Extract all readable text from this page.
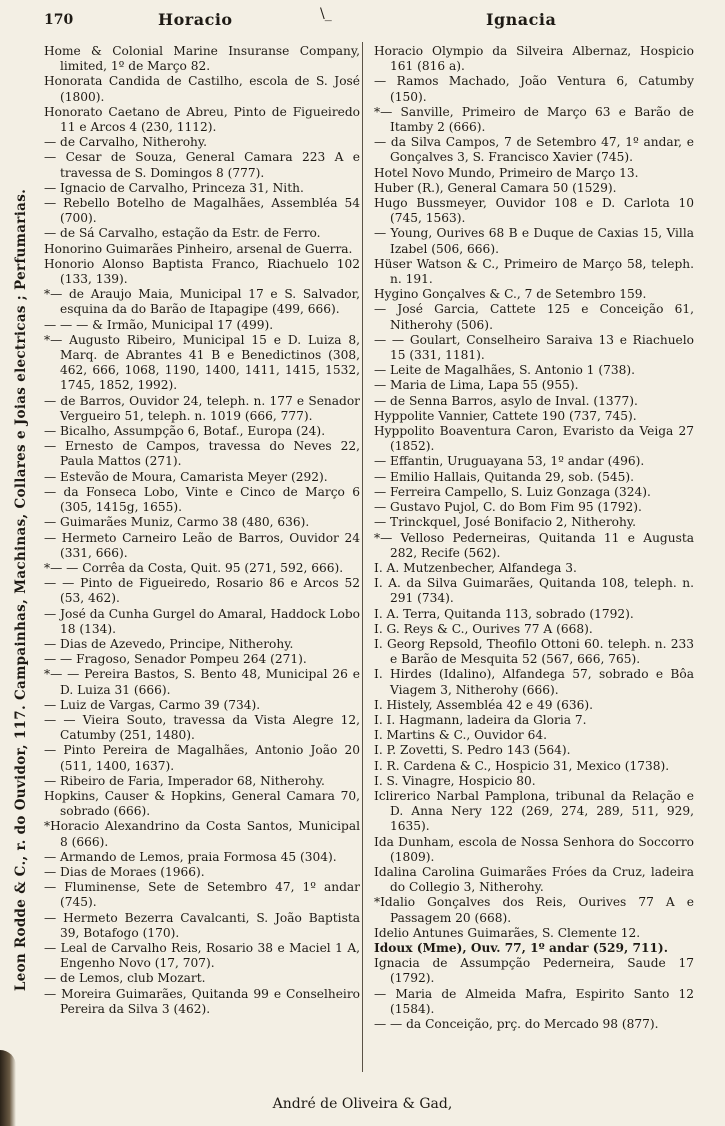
170	Horacio	\_	Ignacia
Leon Rodde & C., r. do Ouvidor, 117. Campainhas, Machinas, Collares e Joias electricas ; Perfumarias.

Home & Colonial Marine Insuranse Company, limited, 1º de Março 82.

Honorata Candida de Castilho, escola de S. José (1800).

Honorato Caetano de Abreu, Pinto de Figueiredo 11 e Arcos 4 (230, 1112).

— de Carvalho, Nitherohy.

— Cesar de Souza, General Camara 223 A e travessa de S. Domingos 8 (777).

— Ignacio de Carvalho, Princeza 31, Nith.

— Rebello Botelho de Magalhães, Assembléa 54 (700).

— de Sá Carvalho, estação da Estr. de Ferro.

Honorino Guimarães Pinheiro, arsenal de Guerra.

Honorio Alonso Baptista Franco, Riachuelo 102 (133, 139).

*— de Araujo Maia, Municipal 17 e S. Salvador, esquina da do Barão de Itapagipe (499, 666).

— — — & Irmão, Municipal 17 (499).

*— Augusto Ribeiro, Municipal 15 e D. Luiza 8, Marq. de Abrantes 41 B e Benedictinos (308, 462, 666, 1068, 1190, 1400, 1411, 1415, 1532, 1745, 1852, 1992).

— de Barros, Ouvidor 24, teleph. n. 177 e Senador Vergueiro 51, teleph. n. 1019 (666, 777).

— Bicalho, Assumpção 6, Botaf., Europa (24).

— Ernesto de Campos, travessa do Neves 22, Paula Mattos (271).

— Estevão de Moura, Camarista Meyer (292).

— da Fonseca Lobo, Vinte e Cinco de Março 6 (305, 1415g, 1655).

— Guimarães Muniz, Carmo 38 (480, 636).

— Hermeto Carneiro Leão de Barros, Ouvidor 24 (331, 666).

*— — Corrêa da Costa, Quit. 95 (271, 592, 666).

— — Pinto de Figueiredo, Rosario 86 e Arcos 52 (53, 462).

— José da Cunha Gurgel do Amaral, Haddock Lobo 18 (134).

— Dias de Azevedo, Principe, Nitherohy.

— — Fragoso, Senador Pompeu 264 (271).

*— — Pereira Bastos, S. Bento 48, Municipal 26 e D. Luiza 31 (666).

— Luiz de Vargas, Carmo 39 (734).

— — Vieira Souto, travessa da Vista Alegre 12, Catumby (251, 1480).

— Pinto Pereira de Magalhães, Antonio João 20 (511, 1400, 1637).

— Ribeiro de Faria, Imperador 68, Nitherohy.

Hopkins, Causer & Hopkins, General Camara 70, sobrado (666).

*Horacio Alexandrino da Costa Santos, Municipal 8 (666).

— Armando de Lemos, praia Formosa 45 (304).

— Dias de Moraes (1966).

— Fluminense, Sete de Setembro 47, 1º andar (745).

— Hermeto Bezerra Cavalcanti, S. João Baptista 39, Botafogo (170).

— Leal de Carvalho Reis, Rosario 38 e Maciel 1 A, Engenho Novo (17, 707).

— de Lemos, club Mozart.

— Moreira Guimarães, Quitanda 99 e Conselheiro Pereira da Silva 3 (462).

Horacio Olympio da Silveira Albernaz, Hospicio 161 (816 a).

— Ramos Machado, João Ventura 6, Catumby (150).

*— Sanville, Primeiro de Março 63 e Barão de Itamby 2 (666).

— da Silva Campos, 7 de Setembro 47, 1º andar, e Gonçalves 3, S. Francisco Xavier (745).

Hotel Novo Mundo, Primeiro de Março 13.

Huber (R.), General Camara 50 (1529).

Hugo Bussmeyer, Ouvidor 108 e D. Carlota 10 (745, 1563).

— Young, Ourives 68 B e Duque de Caxias 15, Villa Izabel (506, 666).

Hüser Watson & C., Primeiro de Março 58, teleph. n. 191.

Hygino Gonçalves & C., 7 de Setembro 159.

— José Garcia, Cattete 125 e Conceição 61, Nitherohy (506).

— — Goulart, Conselheiro Saraiva 13 e Riachuelo 15 (331, 1181).

— Leite de Magalhães, S. Antonio 1 (738).

— Maria de Lima, Lapa 55 (955).

— de Senna Barros, asylo de Inval. (1377).

Hyppolite Vannier, Cattete 190 (737, 745).

Hyppolito Boaventura Caron, Evaristo da Veiga 27 (1852).

— Effantin, Uruguayana 53, 1º andar (496).

— Emilio Hallais, Quitanda 29, sob. (545).

— Ferreira Campello, S. Luiz Gonzaga (324).

— Gustavo Pujol, C. do Bom Fim 95 (1792).

— Trinckquel, José Bonifacio 2, Nitherohy.

*— Velloso Pederneiras, Quitanda 11 e Augusta 282, Recife (562).

I. A. Mutzenbecher, Alfandega 3.

I. A. da Silva Guimarães, Quitanda 108, teleph. n. 291 (734).

I. A. Terra, Quitanda 113, sobrado (1792).

I. G. Reys & C., Ourives 77 A (668).

I. Georg Repsold, Theofilo Ottoni 60. teleph. n. 233 e Barão de Mesquita 52 (567, 666, 765).

I. Hirdes (Idalino), Alfandega 57, sobrado e Bôa Viagem 3, Nitherohy (666).

I. Histely, Assembléa 42 e 49 (636).

I. I. Hagmann, ladeira da Gloria 7.

I. Martins & C., Ouvidor 64.

I. P. Zovetti, S. Pedro 143 (564).

I. R. Cardena & C., Hospicio 31, Mexico (1738).

I. S. Vinagre, Hospicio 80.

Iclirerico Narbal Pamplona, tribunal da Relação e D. Anna Nery 122 (269, 274, 289, 511, 929, 1635).

Ida Dunham, escola de Nossa Senhora do Soccorro (1809).

Idalina Carolina Guimarães Fróes da Cruz, ladeira do Collegio 3, Nitherohy.

*Idalio Gonçalves dos Reis, Ourives 77 A e Passagem 20 (668).

Idelio Antunes Guimarães, S. Clemente 12.

Idoux (Mme), Ouv. 77, 1º andar (529, 711).

Ignacia de Assumpção Pederneira, Saude 17 (1792).

— Maria de Almeida Mafra, Espirito Santo 12 (1584).

— — da Conceição, prç. do Mercado 98 (877).

André de Oliveira & Gad,
